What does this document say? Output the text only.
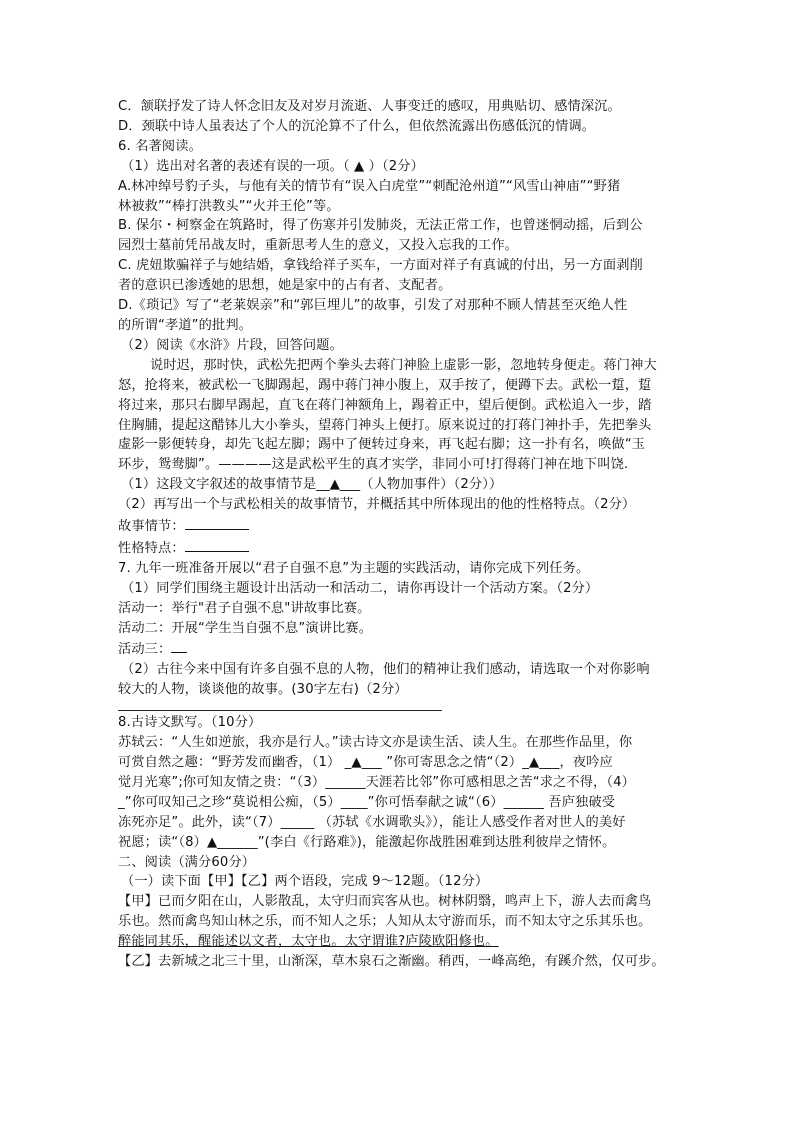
C．颔联抒发了诗人怀念旧友及对岁月流逝、人事变迁的感叹，用典贴切、感情深沉。
D．颈联中诗人虽表达了个人的沉沦算不了什么，但依然流露出伤感低沉的情调。
6. 名著阅读。
（1）选出对名著的表述有误的一项。（ ▲ ）（2分）
A.林冲绰号豹子头，与他有关的情节有“误入白虎堂”“刺配沧州道”“风雪山神庙”“野猪
林被救”“棒打洪教头”“火并王伦”等。
B. 保尔・柯察金在筑路时，得了伤寒并引发肺炎，无法正常工作，也曾迷惘动摇，后到公
园烈士墓前凭吊战友时，重新思考人生的意义，又投入忘我的工作。
C. 虎妞欺骗祥子与她结婚，拿钱给祥子买车，一方面对祥子有真诚的付出，另一方面剥削
者的意识已渗透她的思想，她是家中的占有者、支配者。
D.《琐记》写了“老莱娱亲”和“郭巨埋儿”的故事，引发了对那种不顾人情甚至灭绝人性
的所谓“孝道”的批判。
（2）阅读《水浒》片段，回答问题。
说时迟，那时快，武松先把两个拳头去蒋门神脸上虚影一影，忽地转身便走。蒋门神大
怒，抢将来，被武松一飞脚踢起，踢中蒋门神小腹上，双手按了，便蹲下去。武松一踅，踅
将过来，那只右脚早踢起，直飞在蒋门神额角上，踢着正中，望后便倒。武松追入一步，踏
住胸脯，提起这醋钵儿大小拳头，望蒋门神头上便打。原来说过的打蒋门神扑手，先把拳头
虚影一影便转身，却先飞起左脚；踢中了便转过身来，再飞起右脚；这一扑有名，唤做“玉
环步，鸳鸯脚”。————这是武松平生的真才实学，非同小可!打得蒋门神在地下叫饶.
（1）这段文字叙述的故事情节是__▲___（人物加事件）（2分））
（2）再写出一个与武松相关的故事情节，并概括其中所体现出的他的性格特点。（2分）
故事情节：
性格特点：
7. 九年一班准备开展以“君子自强不息”为主题的实践活动，请你完成下列任务。
（1）同学们围绕主题设计出活动一和活动二，请你再设计一个活动方案。（2分）
活动一：举行"君子自强不息"讲故事比赛。
活动二：开展“学生当自强不息”演讲比赛。
活动三：
（2）古往今来中国有许多自强不息的人物，他们的精神让我们感动，请选取一个对你影响
较大的人物，谈谈他的故事。(30字左右)（2分）
8.古诗文默写。（10分）
苏轼云：“人生如逆旅，我亦是行人。”读古诗文亦是读生活、读人生。在那些作品里，你
可赏自然之趣：“野芳发而幽香，（1） _▲___ ”你可寄思念之情“（2）_▲___，夜吟应
觉月光寒”;你可知友情之贵：“（3）______天涯若比邻”你可感相思之苦“求之不得，（4）
_”你可叹知己之珍“莫说相公痴，（5）____”你可悟奉献之诚“（6）______ 吾庐独破受
冻死亦足”。此外，读“（7）_____ （苏轼《水调歌头》），能让人感受作者对世人的美好
祝愿；读“（8）▲______”(李白《行路难》)，能激起你战胜困难到达胜利彼岸之情怀。
二、阅读（满分60分）
（一）读下面【甲】【乙】两个语段，完成 9～12题。（12分）
【甲】已而夕阳在山，人影散乱，太守归而宾客从也。树林阴翳，鸣声上下，游人去而禽鸟
乐也。然而禽鸟知山林之乐，而不知人之乐；人知从太守游而乐，而不知太守之乐其乐也。
醉能同其乐，醒能述以文者，太守也。太守谓谁?庐陵欧阳修也。
【乙】去新城之北三十里，山渐深，草木泉石之渐幽。稍西，一峰高绝，有蹊介然，仅可步。
